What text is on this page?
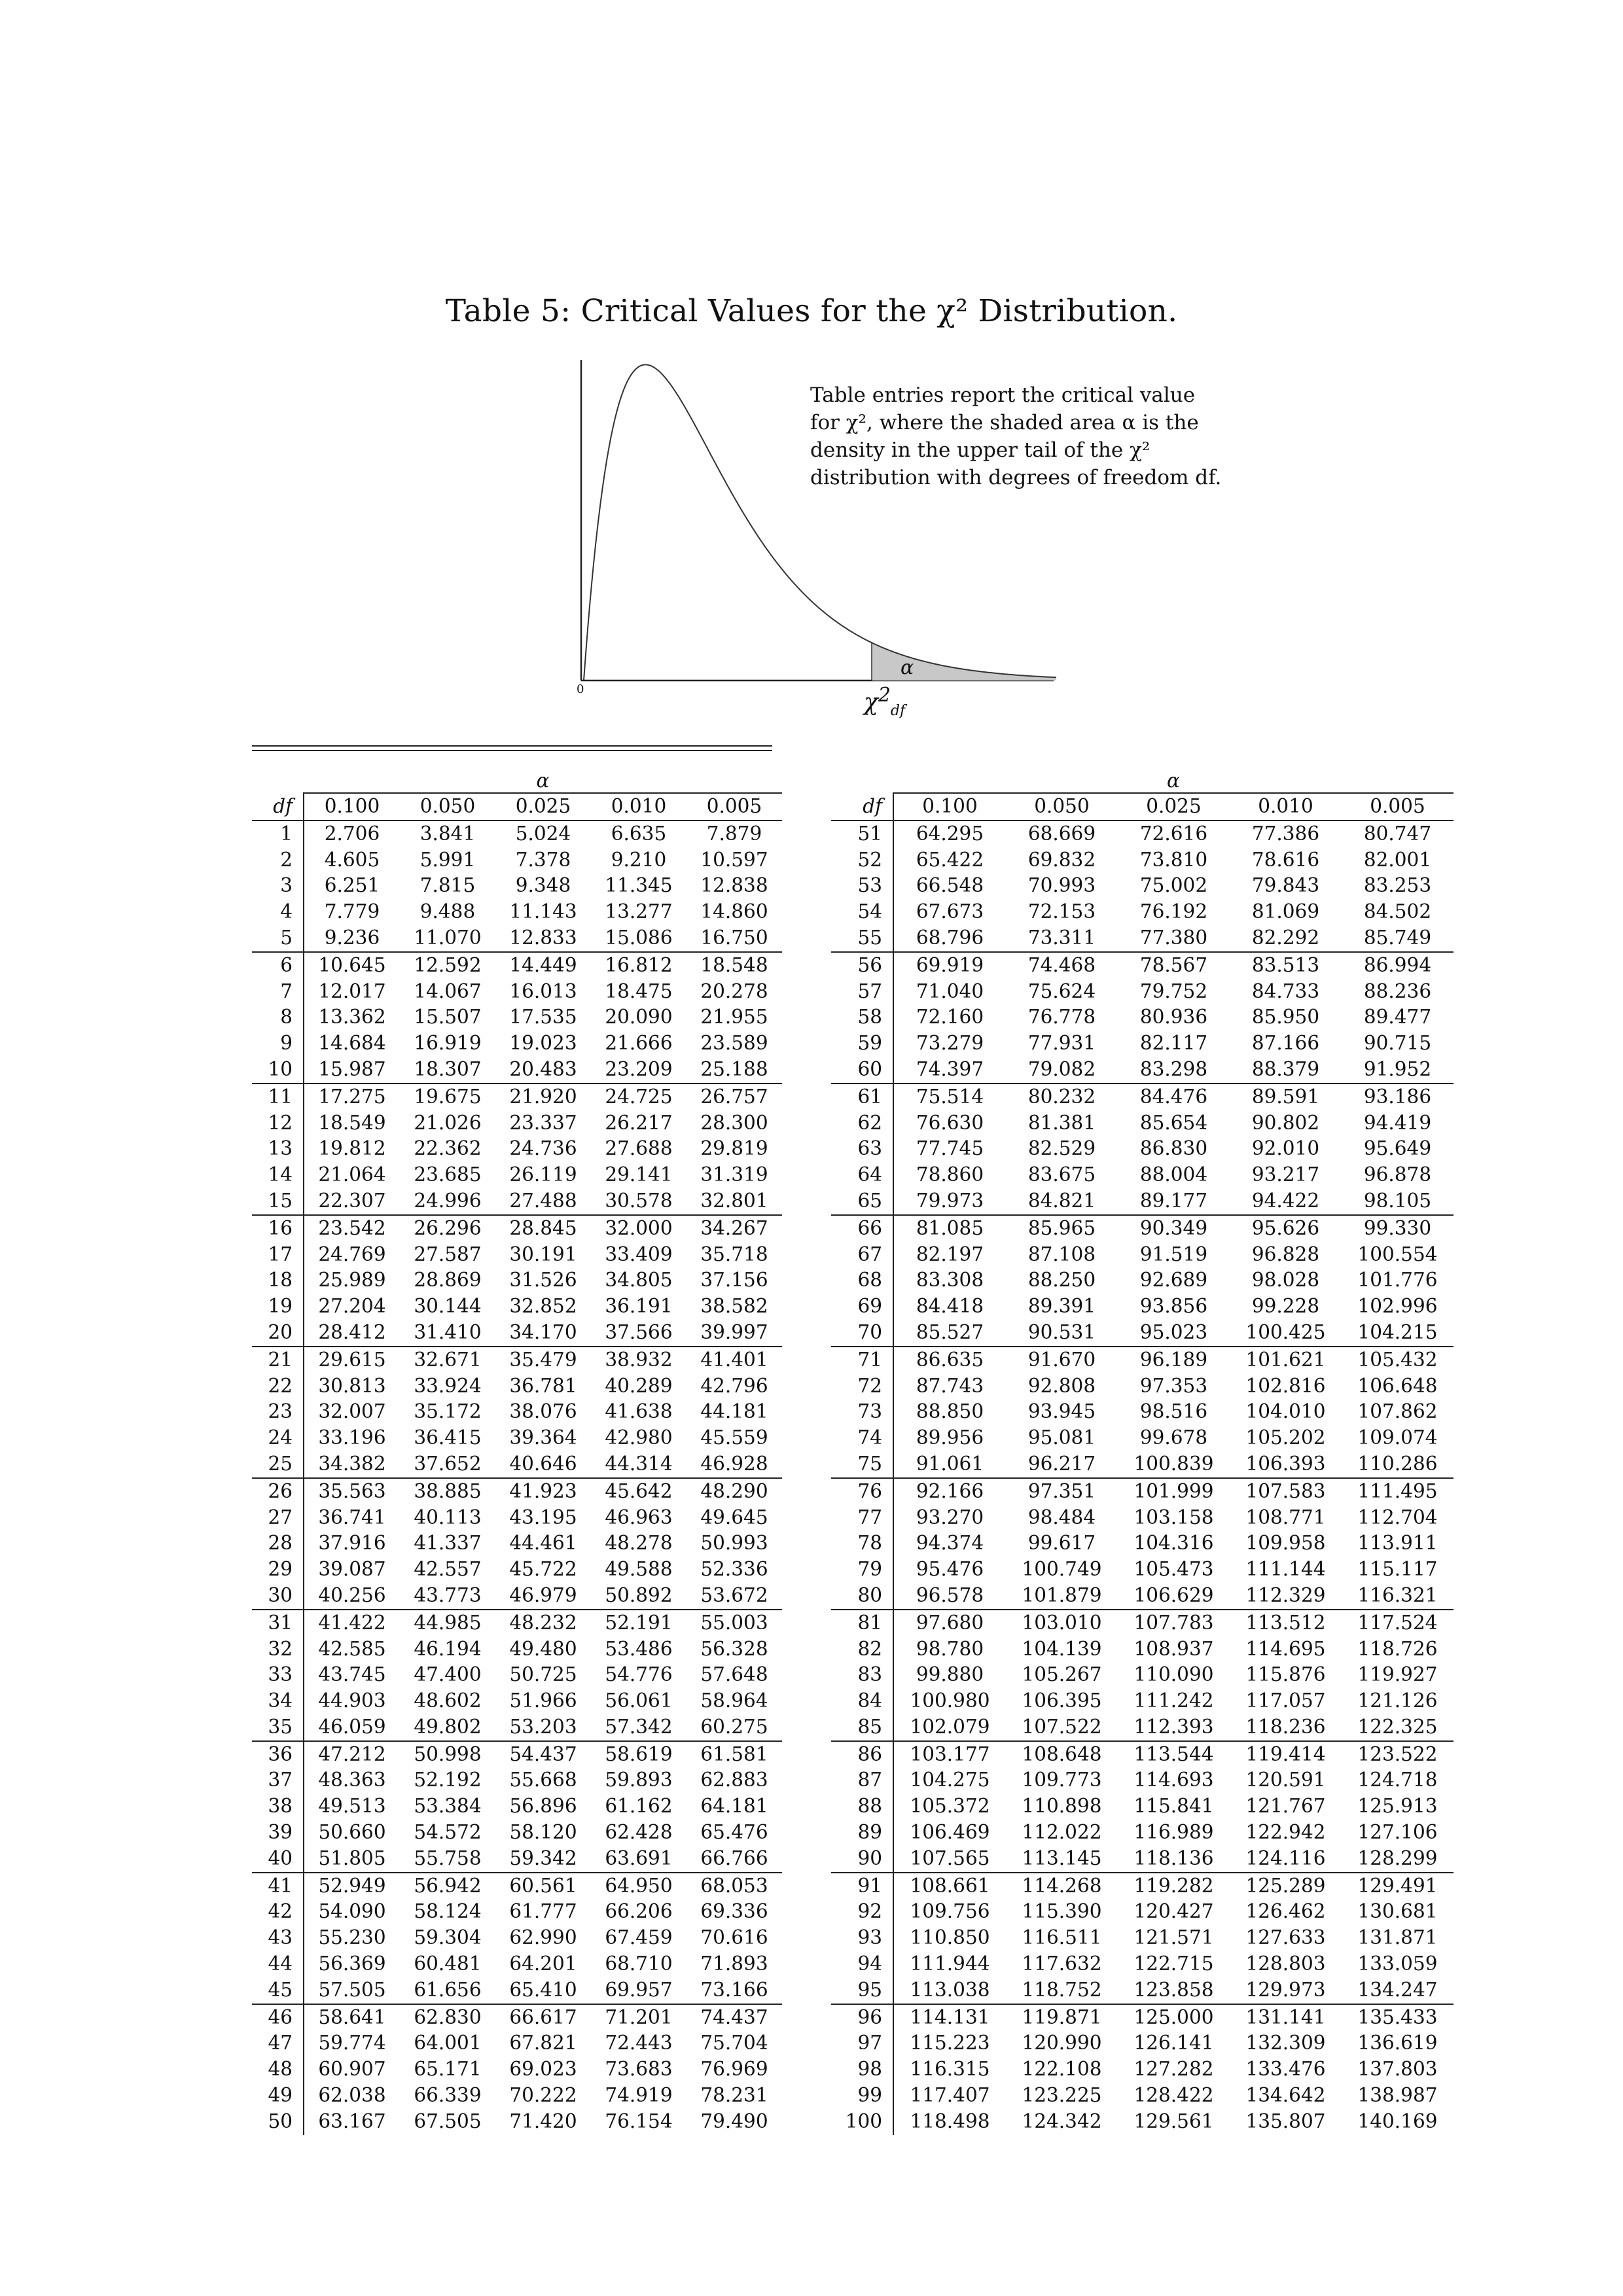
Table 5: Critical Values for the χ² Distribution.
0
α
$\chi^2_{df}$
Table entries report the critical value for χ², where the shaded area α is the density in the upper tail of the χ² distribution with degrees of freedom df.
	α				
df	0.100	0.050	0.025	0.010	0.005
1	2.706	3.841	5.024	6.635	7.879
2	4.605	5.991	7.378	9.210	10.597
3	6.251	7.815	9.348	11.345	12.838
4	7.779	9.488	11.143	13.277	14.860
5	9.236	11.070	12.833	15.086	16.750
6	10.645	12.592	14.449	16.812	18.548
7	12.017	14.067	16.013	18.475	20.278
8	13.362	15.507	17.535	20.090	21.955
9	14.684	16.919	19.023	21.666	23.589
10	15.987	18.307	20.483	23.209	25.188
11	17.275	19.675	21.920	24.725	26.757
12	18.549	21.026	23.337	26.217	28.300
13	19.812	22.362	24.736	27.688	29.819
14	21.064	23.685	26.119	29.141	31.319
15	22.307	24.996	27.488	30.578	32.801
16	23.542	26.296	28.845	32.000	34.267
17	24.769	27.587	30.191	33.409	35.718
18	25.989	28.869	31.526	34.805	37.156
19	27.204	30.144	32.852	36.191	38.582
20	28.412	31.410	34.170	37.566	39.997
21	29.615	32.671	35.479	38.932	41.401
22	30.813	33.924	36.781	40.289	42.796
23	32.007	35.172	38.076	41.638	44.181
24	33.196	36.415	39.364	42.980	45.559
25	34.382	37.652	40.646	44.314	46.928
26	35.563	38.885	41.923	45.642	48.290
27	36.741	40.113	43.195	46.963	49.645
28	37.916	41.337	44.461	48.278	50.993
29	39.087	42.557	45.722	49.588	52.336
30	40.256	43.773	46.979	50.892	53.672
31	41.422	44.985	48.232	52.191	55.003
32	42.585	46.194	49.480	53.486	56.328
33	43.745	47.400	50.725	54.776	57.648
34	44.903	48.602	51.966	56.061	58.964
35	46.059	49.802	53.203	57.342	60.275
36	47.212	50.998	54.437	58.619	61.581
37	48.363	52.192	55.668	59.893	62.883
38	49.513	53.384	56.896	61.162	64.181
39	50.660	54.572	58.120	62.428	65.476
40	51.805	55.758	59.342	63.691	66.766
41	52.949	56.942	60.561	64.950	68.053
42	54.090	58.124	61.777	66.206	69.336
43	55.230	59.304	62.990	67.459	70.616
44	56.369	60.481	64.201	68.710	71.893
45	57.505	61.656	65.410	69.957	73.166
46	58.641	62.830	66.617	71.201	74.437
47	59.774	64.001	67.821	72.443	75.704
48	60.907	65.171	69.023	73.683	76.969
49	62.038	66.339	70.222	74.919	78.231
50	63.167	67.505	71.420	76.154	79.490
	α				
df	0.100	0.050	0.025	0.010	0.005
51	64.295	68.669	72.616	77.386	80.747
52	65.422	69.832	73.810	78.616	82.001
53	66.548	70.993	75.002	79.843	83.253
54	67.673	72.153	76.192	81.069	84.502
55	68.796	73.311	77.380	82.292	85.749
56	69.919	74.468	78.567	83.513	86.994
57	71.040	75.624	79.752	84.733	88.236
58	72.160	76.778	80.936	85.950	89.477
59	73.279	77.931	82.117	87.166	90.715
60	74.397	79.082	83.298	88.379	91.952
61	75.514	80.232	84.476	89.591	93.186
62	76.630	81.381	85.654	90.802	94.419
63	77.745	82.529	86.830	92.010	95.649
64	78.860	83.675	88.004	93.217	96.878
65	79.973	84.821	89.177	94.422	98.105
66	81.085	85.965	90.349	95.626	99.330
67	82.197	87.108	91.519	96.828	100.554
68	83.308	88.250	92.689	98.028	101.776
69	84.418	89.391	93.856	99.228	102.996
70	85.527	90.531	95.023	100.425	104.215
71	86.635	91.670	96.189	101.621	105.432
72	87.743	92.808	97.353	102.816	106.648
73	88.850	93.945	98.516	104.010	107.862
74	89.956	95.081	99.678	105.202	109.074
75	91.061	96.217	100.839	106.393	110.286
76	92.166	97.351	101.999	107.583	111.495
77	93.270	98.484	103.158	108.771	112.704
78	94.374	99.617	104.316	109.958	113.911
79	95.476	100.749	105.473	111.144	115.117
80	96.578	101.879	106.629	112.329	116.321
81	97.680	103.010	107.783	113.512	117.524
82	98.780	104.139	108.937	114.695	118.726
83	99.880	105.267	110.090	115.876	119.927
84	100.980	106.395	111.242	117.057	121.126
85	102.079	107.522	112.393	118.236	122.325
86	103.177	108.648	113.544	119.414	123.522
87	104.275	109.773	114.693	120.591	124.718
88	105.372	110.898	115.841	121.767	125.913
89	106.469	112.022	116.989	122.942	127.106
90	107.565	113.145	118.136	124.116	128.299
91	108.661	114.268	119.282	125.289	129.491
92	109.756	115.390	120.427	126.462	130.681
93	110.850	116.511	121.571	127.633	131.871
94	111.944	117.632	122.715	128.803	133.059
95	113.038	118.752	123.858	129.973	134.247
96	114.131	119.871	125.000	131.141	135.433
97	115.223	120.990	126.141	132.309	136.619
98	116.315	122.108	127.282	133.476	137.803
99	117.407	123.225	128.422	134.642	138.987
100	118.498	124.342	129.561	135.807	140.169
